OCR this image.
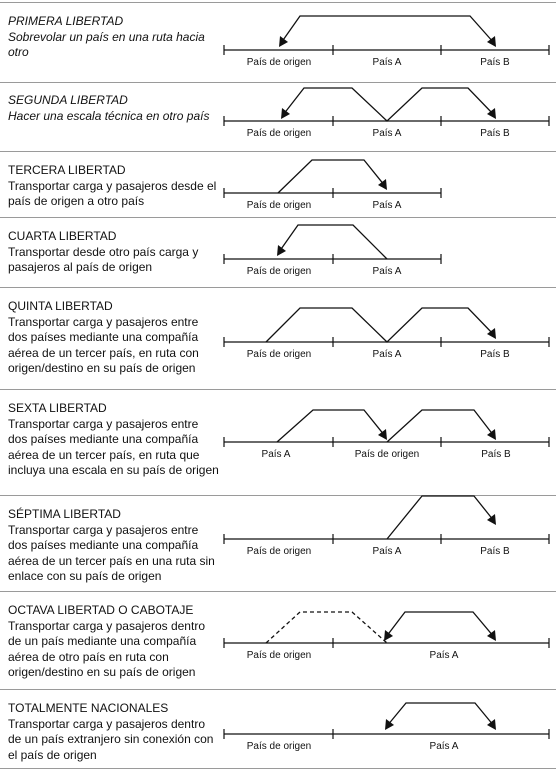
PRIMERA LIBERTAD
Sobrevolar un país en una ruta hacia otro
País de origen	País A	País B
SEGUNDA LIBERTAD
Hacer una escala técnica en otro país
País de origen	País A	País B
TERCERA LIBERTAD
Transportar carga y pasajeros desde el país de origen a otro país	País de origen	País A
CUARTA LIBERTAD
Transportar desde otro país carga y pasajeros al país de origen	País de origen	País A
QUINTA LIBERTAD
Transportar carga y pasajeros entre dos países mediante una compañía aérea de un tercer país, en ruta con origen/destino en su país de origen
País de origen	País A	País B
SEXTA LIBERTAD
Transportar carga y pasajeros entre dos países mediante una compañía aérea de un tercer país, en ruta que incluya una escala en su país de origen
País A	País de origen	País B
SÉPTIMA LIBERTAD
Transportar carga y pasajeros entre dos países mediante una compañía aérea de un tercer país en una ruta sin enlace con su país de origen
País de origen	País A	País B
OCTAVA LIBERTAD O CABOTAJE
Transportar carga y pasajeros dentro de un país mediante una compañía aérea de otro país en ruta con origen/destino en su país de origen
País de origen	País A
TOTALMENTE NACIONALES
Transportar carga y pasajeros dentro de un país extranjero sin conexión con el país de origen
País de origen	País A
